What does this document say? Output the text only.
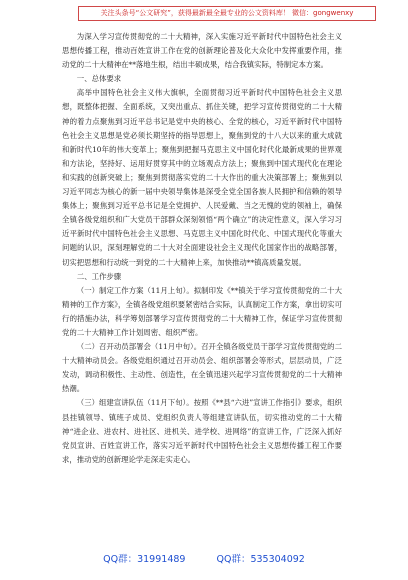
关注头条号“公文研究”，获得最新最全最专业的公文资料库！ 微信：gongwenxy

为深入学习宣传贯彻党的二十大精神，深入实施习近平新时代中国特色社会主义思想传播工程，推动百姓宣讲工作在党的创新理论普及化大众化中发挥重要作用，推动党的二十大精神在**落地生根，结出丰硕成果，结合我镇实际，特制定本方案。

一、总体要求

高举中国特色社会主义伟大旗帜，全面贯彻习近平新时代中国特色社会主义思想，既整体把握、全面系统，又突出重点、抓住关键，把学习宣传贯彻党的二十大精神的着力点聚焦到习近平总书记是党中央的核心、全党的核心，习近平新时代中国特色社会主义思想是党必须长期坚持的指导思想上，聚焦到党的十八大以来的重大成就和新时代10年的伟大变革上；聚焦到把握马克思主义中国化时代化最新成果的世界观和方法论，坚持好、运用好贯穿其中的立场观点方法上；聚焦到中国式现代化在理论和实践的创新突破上；聚焦到贯彻落实党的二十大作出的重大决策部署上；聚焦到以习近平同志为核心的新一届中央领导集体是深受全党全国各族人民拥护和信赖的领导集体上；聚焦到习近平总书记是全党拥护、人民爱戴、当之无愧的党的领袖上，确保全镇各级党组织和广大党员干部群众深刻领悟“两个确立”的决定性意义，深入学习习近平新时代中国特色社会主义思想、马克思主义中国化时代化、中国式现代化等重大问题的认识，深刻理解党的二十大对全面建设社会主义现代化国家作出的战略部署，切实把思想和行动统一到党的二十大精神上来，加快推动**镇高质量发展。

二、工作步骤

（一）制定工作方案（11月上旬）。拟制印发《**镇关于学习宣传贯彻党的二十大精神的工作方案》，全镇各级党组织要紧密结合实际，认真制定工作方案，拿出切实可行的措施办法，科学筹划部署学习宣传贯彻党的二十大精神工作，保证学习宣传贯彻党的二十大精神工作计划周密、组织严密。

（二）召开动员部署会（11月中旬）。召开全镇各级党员干部学习宣传贯彻党的二十大精神动员会。各级党组织通过召开动员会、组织部署会等形式，层层动员，广泛发动，调动积极性、主动性、创造性，在全镇迅速兴起学习宣传贯彻党的二十大精神热潮。

（三）组建宣讲队伍（11月下旬）。按照《**县“六进”宣讲工作指引》要求，组织县挂镇领导、镇班子成员、党组织负责人等组建宣讲队伍，切实推动党的二十大精神“进企业、进农村、进社区、进机关、进学校、进网络”的宣讲工作，广泛深入抓好党员宣讲、百姓宣讲工作，落实习近平新时代中国特色社会主义思想传播工程工作要求，推动党的创新理论学走深走实走心。

QQ群：31991489	QQ群：535304092
